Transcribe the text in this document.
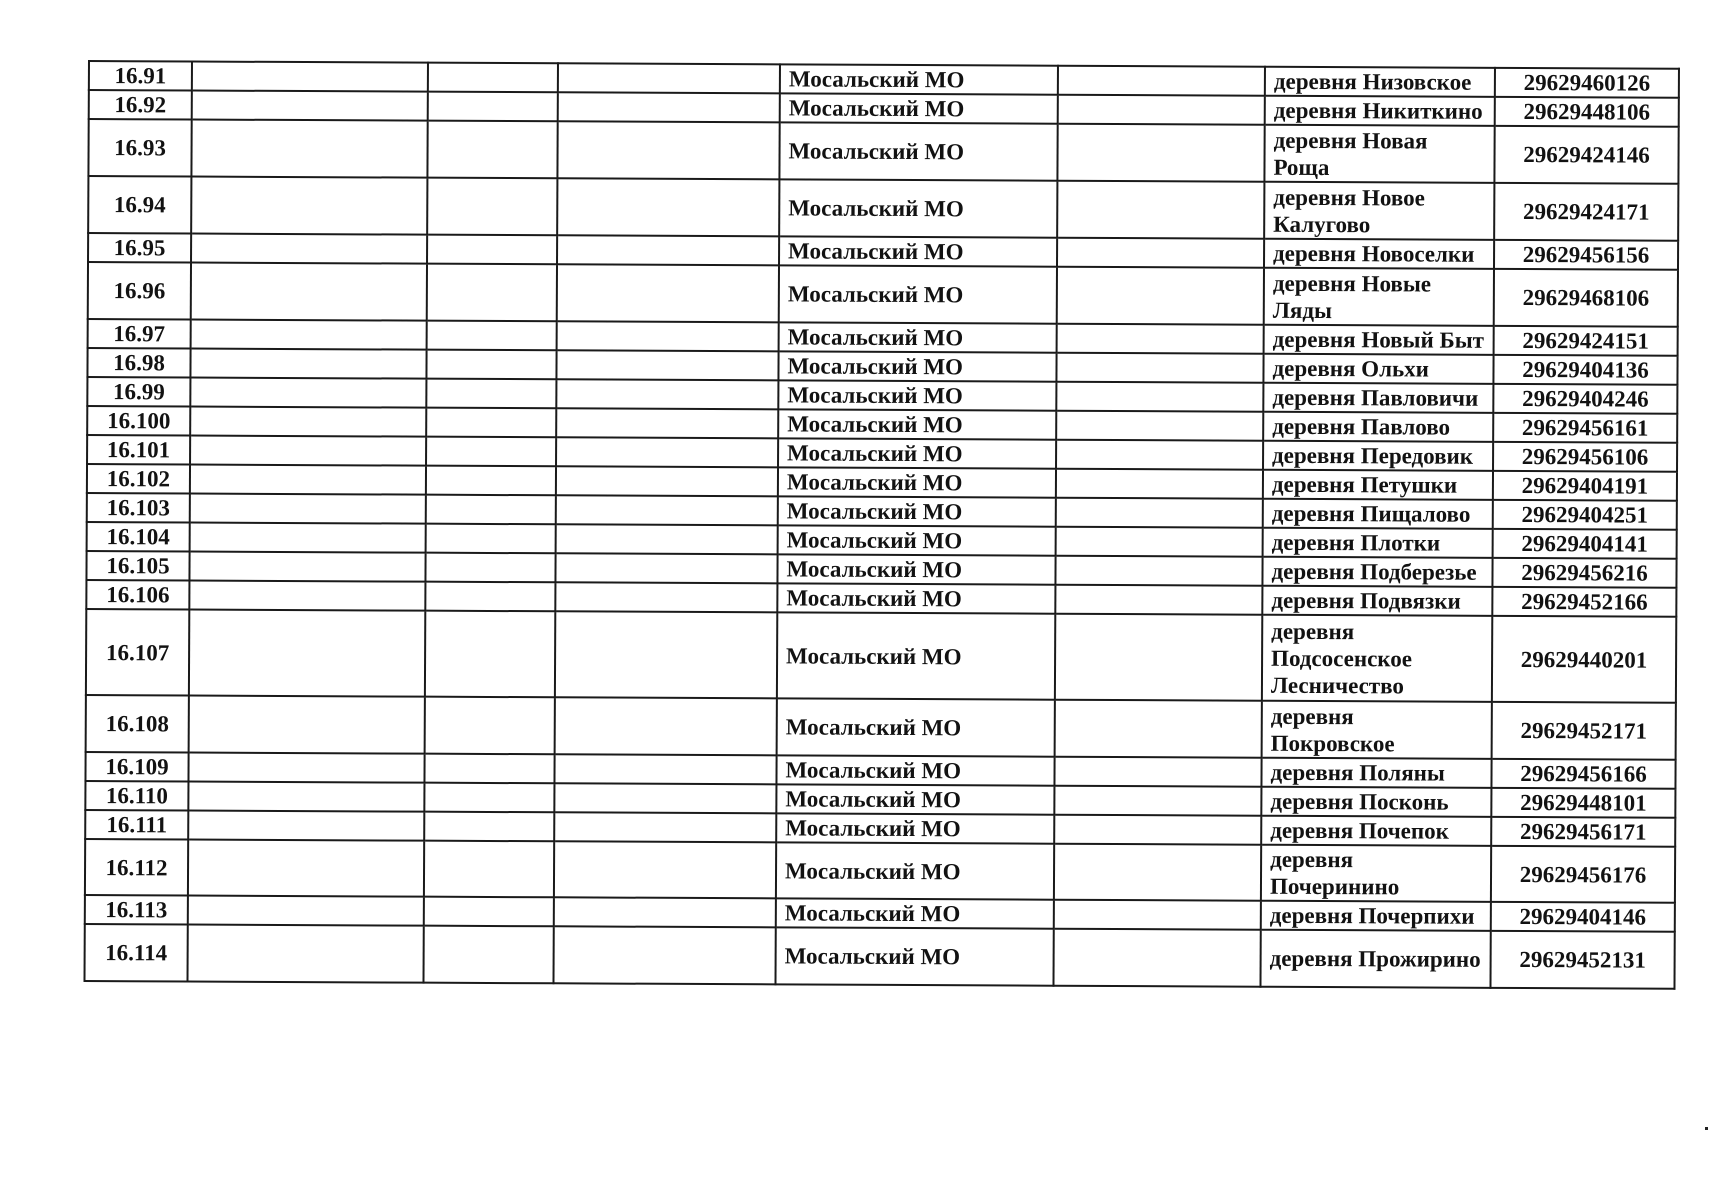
16.91				Мосальский МО		деревня Низовское	29629460126
16.92				Мосальский МО		деревня Никиткино	29629448106
16.93				Мосальский МО		деревня Новая Роща	29629424146
16.94				Мосальский МО		деревня Новое Калугово	29629424171
16.95				Мосальский МО		деревня Новоселки	29629456156
16.96				Мосальский МО		деревня Новые Ляды	29629468106
16.97				Мосальский МО		деревня Новый Быт	29629424151
16.98				Мосальский МО		деревня Ольхи	29629404136
16.99				Мосальский МО		деревня Павловичи	29629404246
16.100				Мосальский МО		деревня Павлово	29629456161
16.101				Мосальский МО		деревня Передовик	29629456106
16.102				Мосальский МО		деревня Петушки	29629404191
16.103				Мосальский МО		деревня Пищалово	29629404251
16.104				Мосальский МО		деревня Плотки	29629404141
16.105				Мосальский МО		деревня Подберезье	29629456216
16.106				Мосальский МО		деревня Подвязки	29629452166
16.107				Мосальский МО		деревня Подсосенское Лесничество	29629440201
16.108				Мосальский МО		деревня Покровское	29629452171
16.109				Мосальский МО		деревня Поляны	29629456166
16.110				Мосальский МО		деревня Посконь	29629448101
16.111				Мосальский МО		деревня Почепок	29629456171
16.112				Мосальский МО		деревня Почеринино	29629456176
16.113				Мосальский МО		деревня Почерпихи	29629404146
16.114				Мосальский МО		деревня Прожирино	29629452131
